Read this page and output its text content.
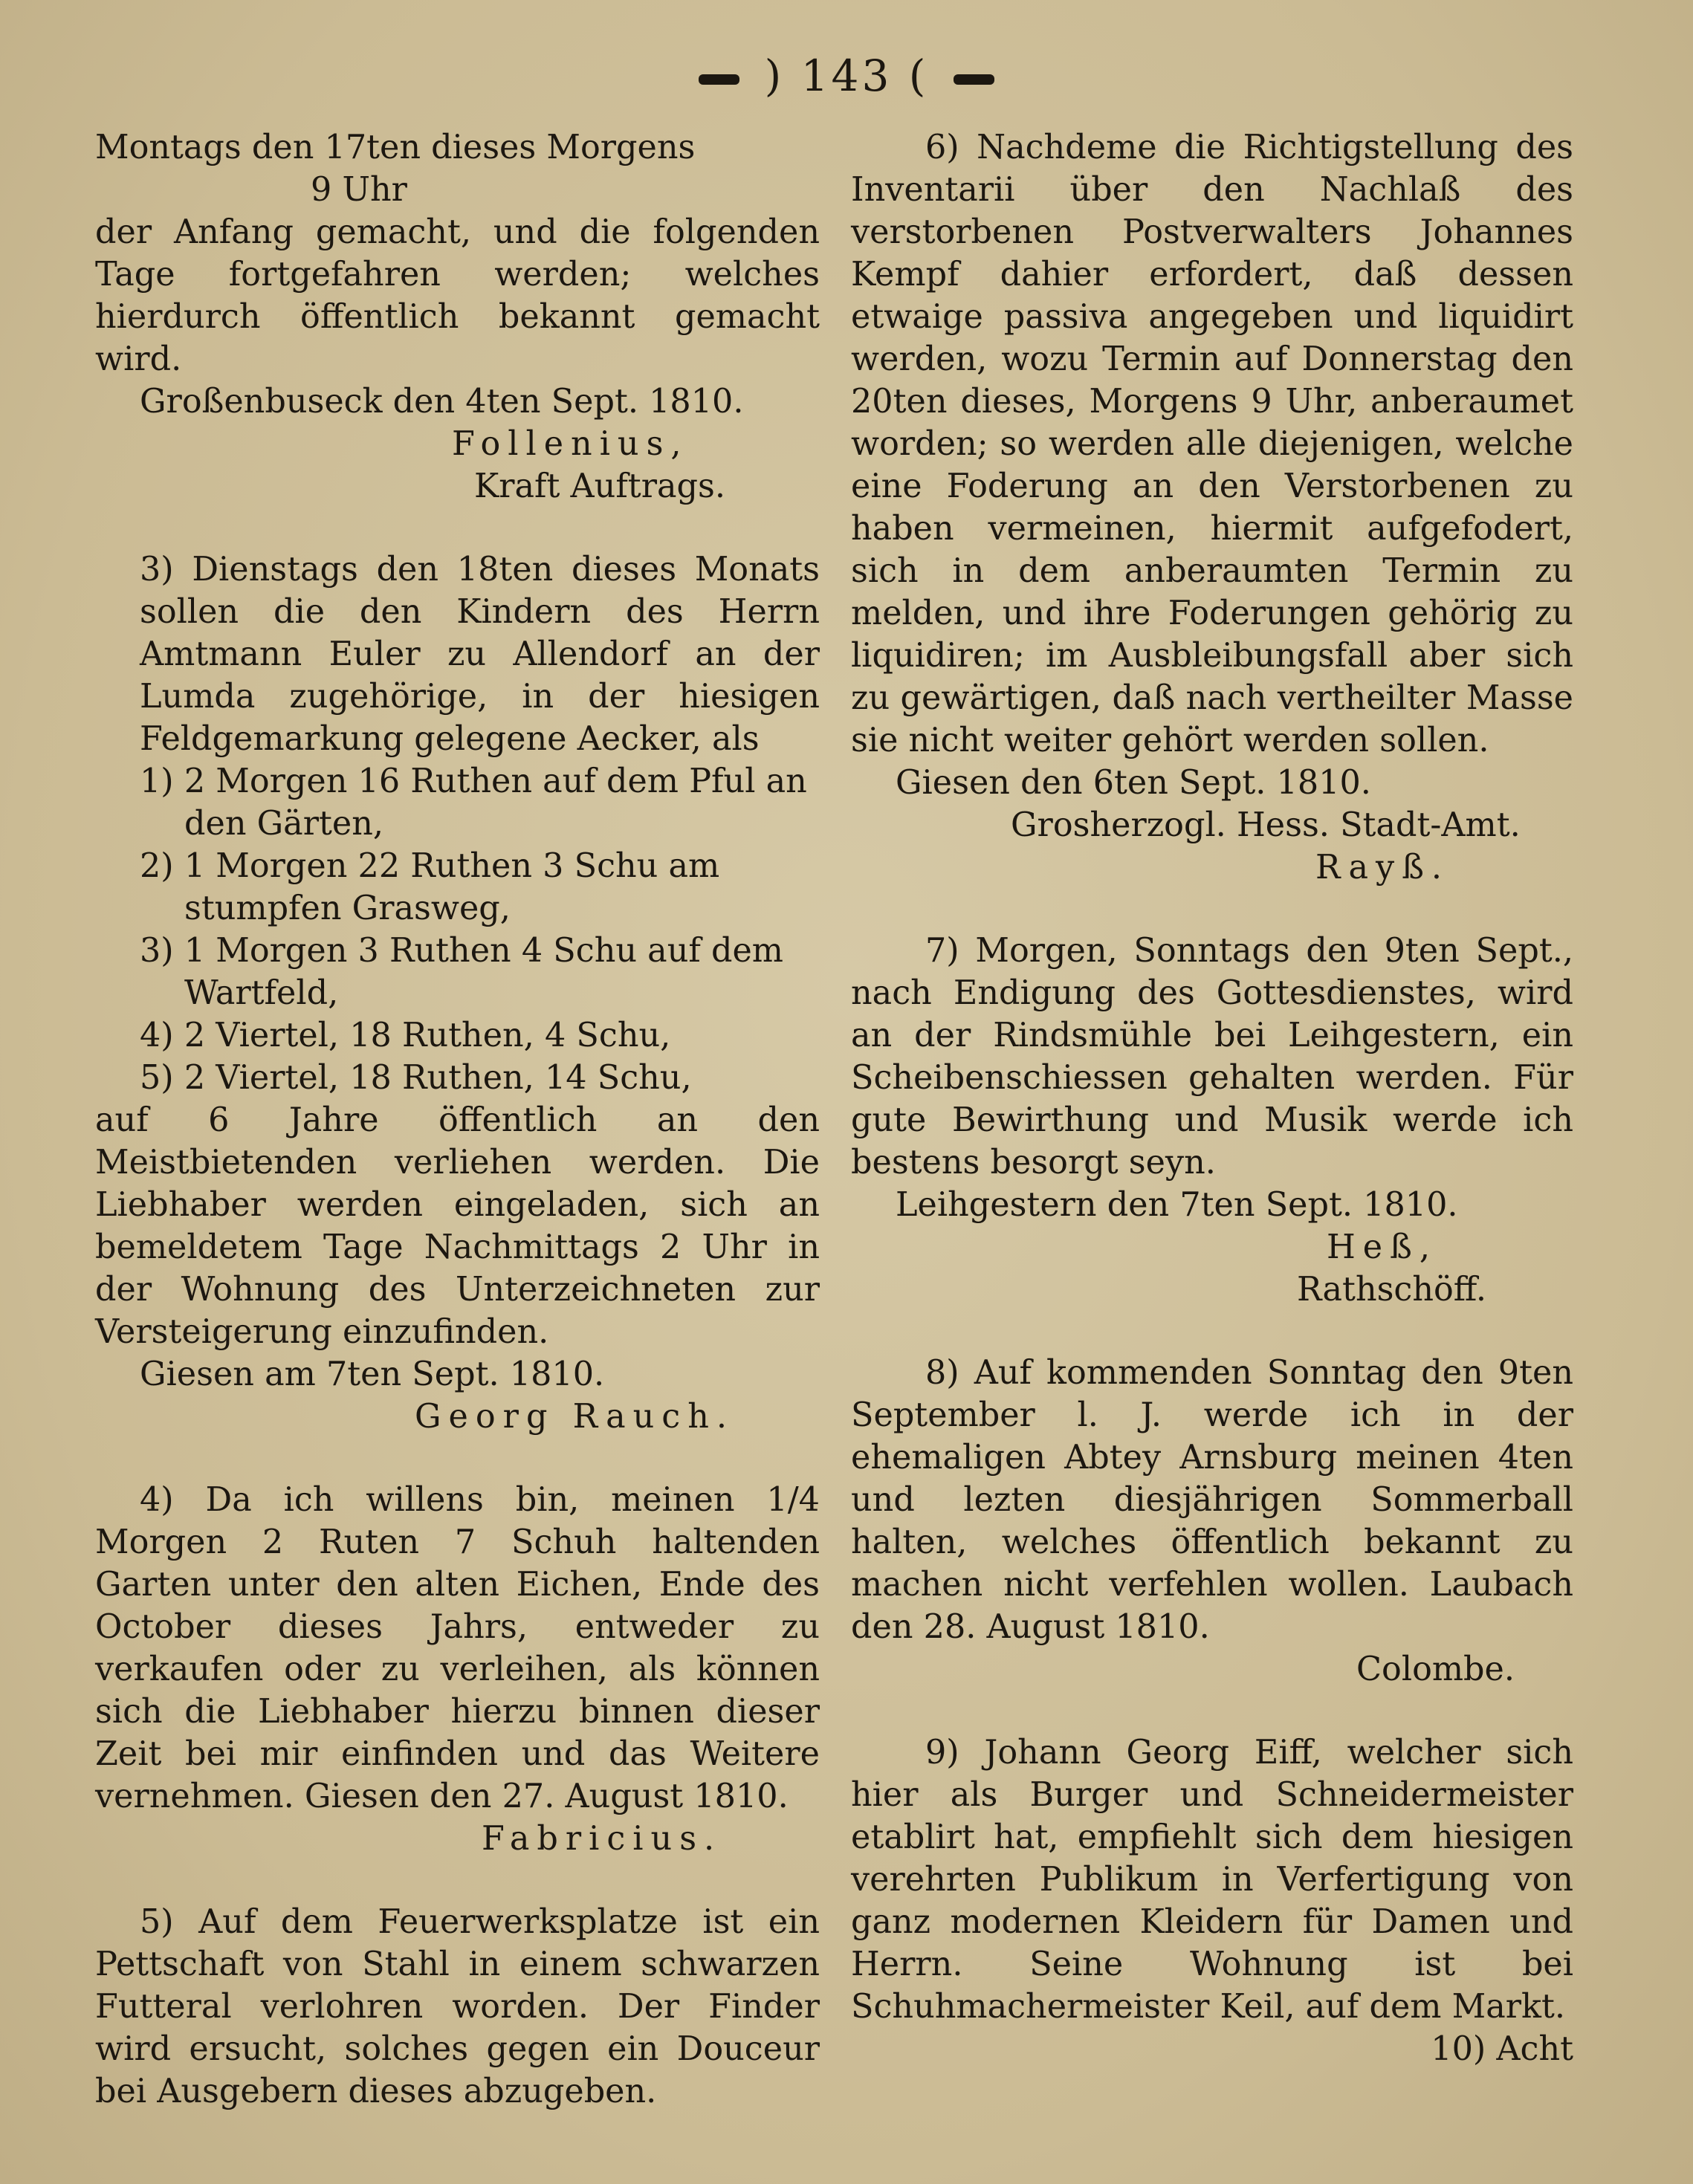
) 143 (

Montags den 17ten dieses Morgens

9 Uhr

der Anfang gemacht, und die folgenden Tage fortgefahren werden; welches hierdurch öffentlich bekannt gemacht wird.

Großenbuseck den 4ten Sept. 1810.

Follenius,

Kraft Auftrags.

3) Dienstags den 18ten dieses Monats sollen die den Kindern des Herrn Amtmann Euler zu Allendorf an der Lumda zugehörige, in der hiesigen Feldgemarkung gelegene Aecker, als

1) 2 Morgen 16 Ruthen auf dem Pful an den Gärten,

2) 1 Morgen 22 Ruthen 3 Schu am stumpfen Grasweg,

3) 1 Morgen 3 Ruthen 4 Schu auf dem Wartfeld,

4) 2 Viertel, 18 Ruthen, 4 Schu,

5) 2 Viertel, 18 Ruthen, 14 Schu,

auf 6 Jahre öffentlich an den Meistbietenden verliehen werden. Die Liebhaber werden eingeladen, sich an bemeldetem Tage Nachmittags 2 Uhr in der Wohnung des Unterzeichneten zur Versteigerung einzufinden.

Giesen am 7ten Sept. 1810.

Georg Rauch.

4) Da ich willens bin, meinen 1/4 Morgen 2 Ruten 7 Schuh haltenden Garten unter den alten Eichen, Ende des October dieses Jahrs, entweder zu verkaufen oder zu verleihen, als können sich die Liebhaber hierzu binnen dieser Zeit bei mir einfinden und das Weitere vernehmen. Giesen den 27. August 1810.

Fabricius.

5) Auf dem Feuerwerksplatze ist ein Pettschaft von Stahl in einem schwarzen Futteral verlohren worden. Der Finder wird ersucht, solches gegen ein Douceur bei Ausgebern dieses abzugeben.

6) Nachdeme die Richtigstellung des Inventarii über den Nachlaß des verstorbenen Postverwalters Johannes Kempf dahier erfordert, daß dessen etwaige passiva angegeben und liquidirt werden, wozu Termin auf Donnerstag den 20ten dieses, Morgens 9 Uhr, anberaumet worden; so werden alle diejenigen, welche eine Foderung an den Verstorbenen zu haben vermeinen, hiermit aufgefodert, sich in dem anberaumten Termin zu melden, und ihre Foderungen gehörig zu liquidiren; im Ausbleibungsfall aber sich zu gewärtigen, daß nach vertheilter Masse sie nicht weiter gehört werden sollen.

Giesen den 6ten Sept. 1810.

Grosherzogl. Hess. Stadt-Amt.

Rayß.

7) Morgen, Sonntags den 9ten Sept., nach Endigung des Gottesdienstes, wird an der Rindsmühle bei Leihgestern, ein Scheibenschiessen gehalten werden. Für gute Bewirthung und Musik werde ich bestens besorgt seyn.

Leihgestern den 7ten Sept. 1810.

Heß,

Rathschöff.

8) Auf kommenden Sonntag den 9ten September l. J. werde ich in der ehemaligen Abtey Arnsburg meinen 4ten und lezten diesjährigen Sommerball halten, welches öffentlich bekannt zu machen nicht verfehlen wollen. Laubach den 28. August 1810.

Colombe.

9) Johann Georg Eiff, welcher sich hier als Burger und Schneidermeister etablirt hat, empfiehlt sich dem hiesigen verehrten Publikum in Verfertigung von ganz modernen Kleidern für Damen und Herrn. Seine Wohnung ist bei Schuhmachermeister Keil, auf dem Markt.

10) Acht
